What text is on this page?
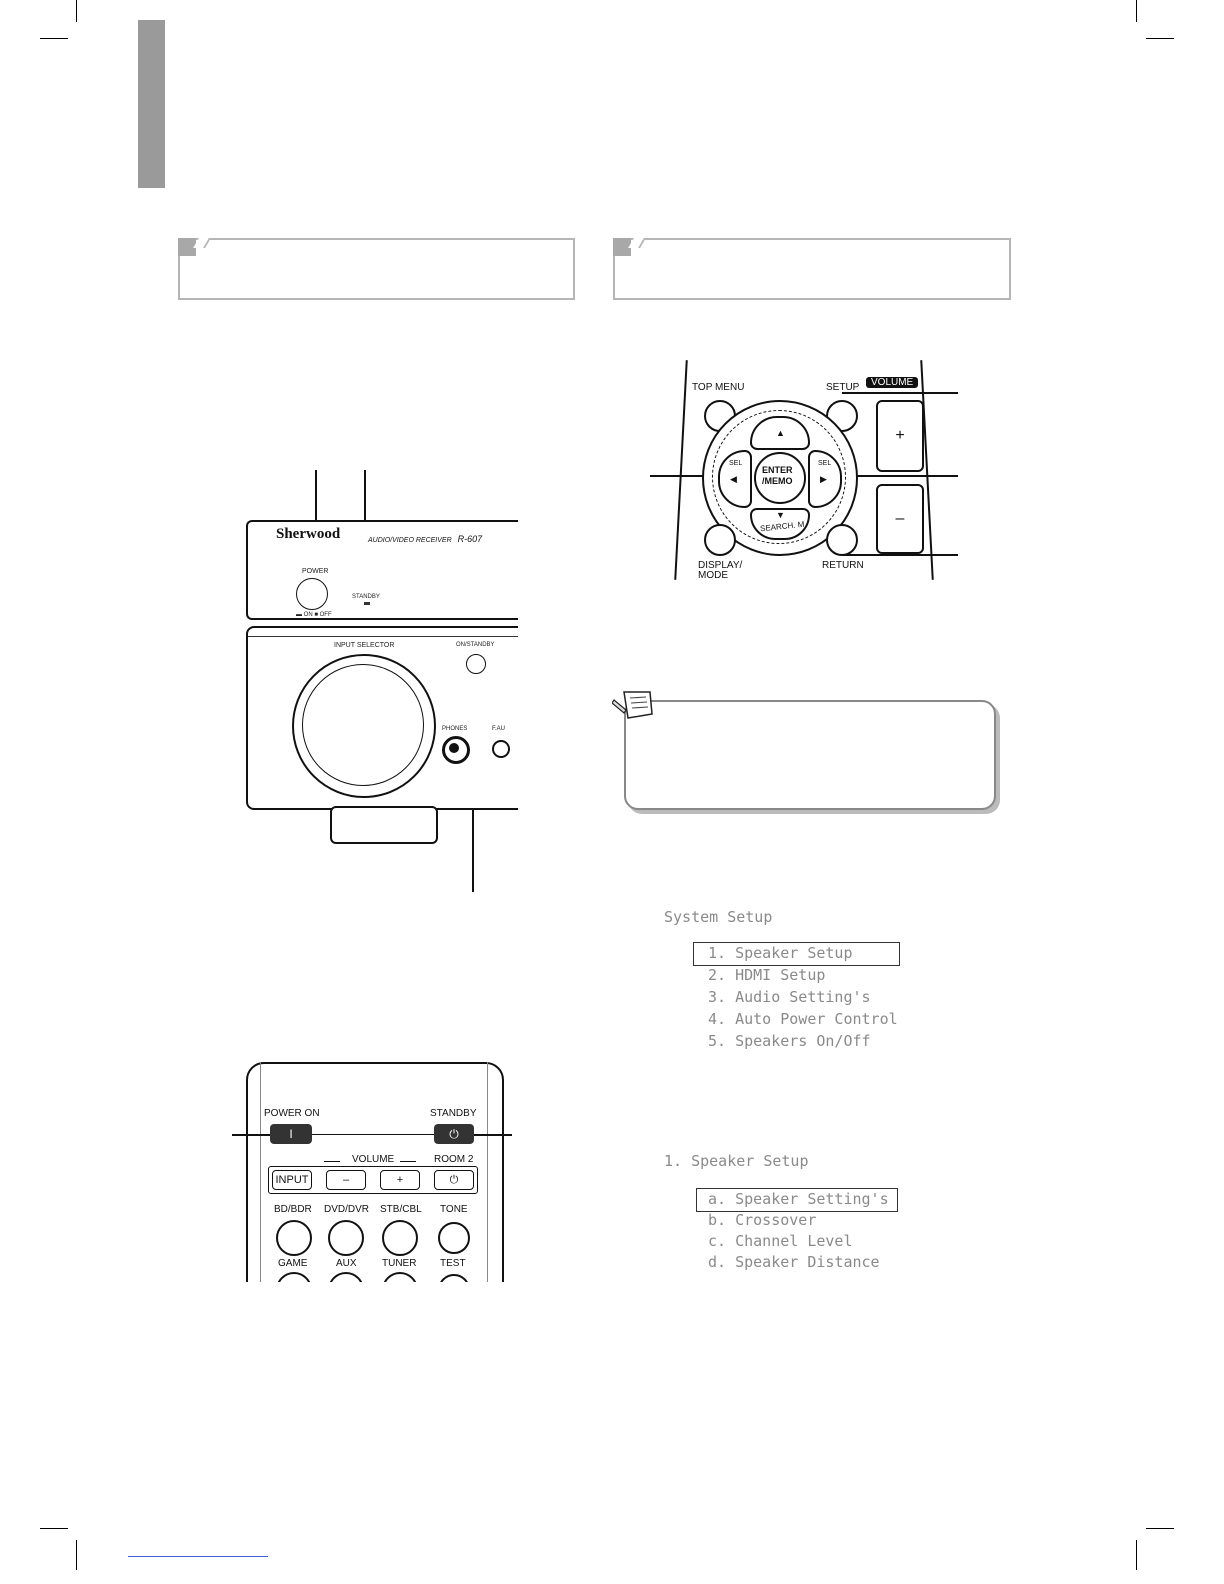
Sherwood	AUDIO/VIDEO RECEIVER R-607
POWER
▬ ON ■ OFF
STANDBY
INPUT SELECTOR	ON/STANDBY
PHONES	F.AU
TOP MENU	SETUP	VOLUME
▲
▼
SEARCH. M
SEL
◀
SEL
▶
ENTER
/MEMO
DISPLAY/
MODE
RETURN
+
–
System Setup
1. Speaker Setup
2. HDMI Setup
3. Audio Setting's
4. Auto Power Control
5. Speakers On/Off
1. Speaker Setup
a. Speaker Setting's
b. Crossover
c. Channel Level
d. Speaker Distance
POWER ON	STANDBY
I	⏻
VOLUME	ROOM 2
INPUT	–	+	⏻
BD/BDR DVD/DVR STB/CBL TONE
GAME	AUX	TUNER TEST
